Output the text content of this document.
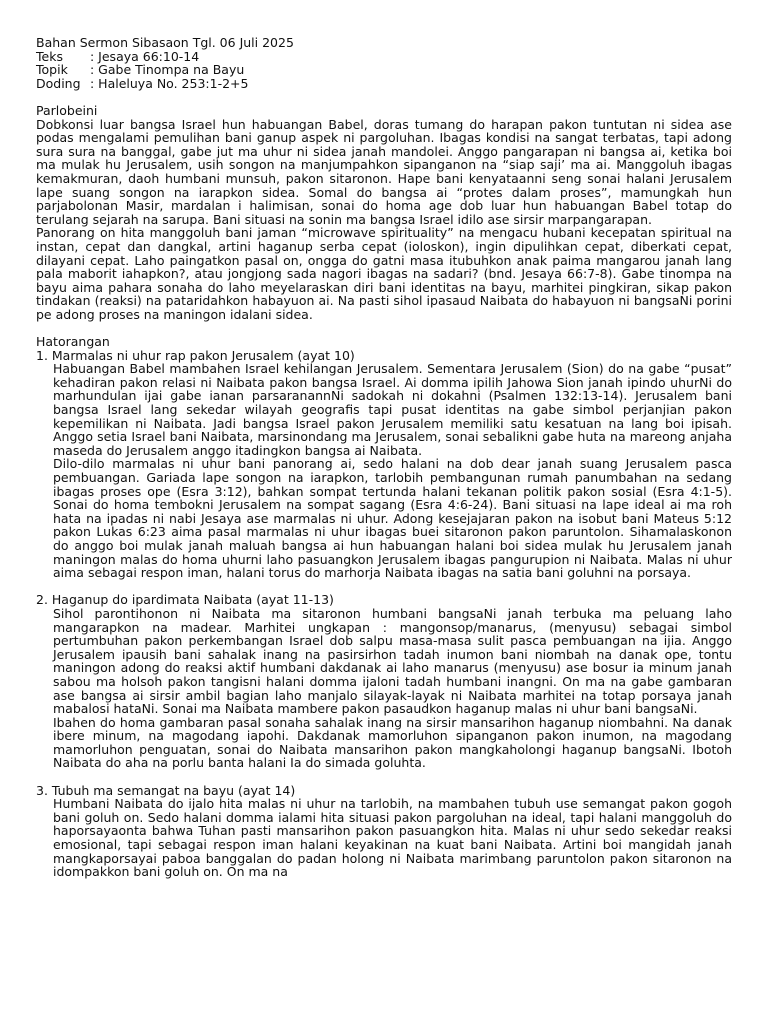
Bahan Sermon Sibasaon Tgl. 06 Juli 2025

Teks	: Jesaya 66:10-14
Topik	: Gabe Tinompa na Bayu
Doding : Haleluya No. 253:1-2+5

Parlobeini

Dobkonsi luar bangsa Israel hun habuangan Babel, doras tumang do harapan pakon tuntutan ni sidea ase podas mengalami pemulihan bani ganup aspek ni pargoluhan. Ibagas kondisi na sangat terbatas, tapi adong sura sura na banggal, gabe jut ma uhur ni sidea janah mandolei. Anggo pangarapan ni bangsa ai, ketika boi ma mulak hu Jerusalem, usih songon na manjumpahkon sipanganon na “siap saji’ ma ai. Manggoluh ibagas kemakmuran, daoh humbani munsuh, pakon sitaronon. Hape bani kenyataanni seng sonai halani Jerusalem lape suang songon na iarapkon sidea. Somal do bangsa ai “protes dalam proses”, mamungkah hun parjabolonan Masir, mardalan i halimisan, sonai do homa age dob luar hun habuangan Babel totap do terulang sejarah na sarupa. Bani situasi na sonin ma bangsa Israel idilo ase sirsir marpangarapan.

Panorang on hita manggoluh bani jaman “microwave spirituality” na mengacu hubani kecepatan spiritual na instan, cepat dan dangkal, artini haganup serba cepat (ioloskon), ingin dipulihkan cepat, diberkati cepat, dilayani cepat. Laho paingatkon pasal on, ongga do gatni masa itubuhkon anak paima mangarou janah lang pala maborit iahapkon?, atau jongjong sada nagori ibagas na sadari? (bnd. Jesaya 66:7-8). Gabe tinompa na bayu aima pahara sonaha do laho meyelaraskan diri bani identitas na bayu, marhitei pingkiran, sikap pakon tindakan (reaksi) na pataridahkon habayuon ai. Na pasti sihol ipasaud Naibata do habayuon ni bangsaNi porini pe adong proses na maningon idalani sidea.

Hatorangan

1. Marmalas ni uhur rap pakon Jerusalem (ayat 10)

Habuangan Babel mambahen Israel kehilangan Jerusalem. Sementara Jerusalem (Sion) do na gabe “pusat” kehadiran pakon relasi ni Naibata pakon bangsa Israel. Ai domma ipilih Jahowa Sion janah ipindo uhurNi do marhundulan ijai gabe ianan parsaranannNi sadokah ni dokahni (Psalmen 132:13-14). Jerusalem bani bangsa Israel lang sekedar wilayah geografis tapi pusat identitas na gabe simbol perjanjian pakon kepemilikan ni Naibata. Jadi bangsa Israel pakon Jerusalem memiliki satu kesatuan na lang boi ipisah. Anggo setia Israel bani Naibata, marsinondang ma Jerusalem, sonai sebalikni gabe huta na mareong anjaha maseda do Jerusalem anggo itadingkon bangsa ai Naibata.

Dilo-dilo marmalas ni uhur bani panorang ai, sedo halani na dob dear janah suang Jerusalem pasca pembuangan. Gariada lape songon na iarapkon, tarlobih pembangunan rumah panumbahan na sedang ibagas proses ope (Esra 3:12), bahkan sompat tertunda halani tekanan politik pakon sosial (Esra 4:1-5). Sonai do homa tembokni Jerusalem na sompat sagang (Esra 4:6-24). Bani situasi na lape ideal ai ma roh hata na ipadas ni nabi Jesaya ase marmalas ni uhur. Adong kesejajaran pakon na isobut bani Mateus 5:12 pakon Lukas 6:23 aima pasal marmalas ni uhur ibagas buei sitaronon pakon paruntolon. Sihamalaskonon do anggo boi mulak janah maluah bangsa ai hun habuangan halani boi sidea mulak hu Jerusalem janah maningon malas do homa uhurni laho pasuangkon Jerusalem ibagas pangurupion ni Naibata. Malas ni uhur aima sebagai respon iman, halani torus do marhorja Naibata ibagas na satia bani goluhni na porsaya.

2. Haganup do ipardimata Naibata (ayat 11-13)

Sihol parontihonon ni Naibata ma sitaronon humbani bangsaNi janah terbuka ma peluang laho mangarapkon na madear. Marhitei ungkapan : mangonsop/manarus, (menyusu) sebagai simbol pertumbuhan pakon perkembangan Israel dob salpu masa-masa sulit pasca pembuangan na ijia. Anggo Jerusalem ipausih bani sahalak inang na pasirsirhon tadah inumon bani niombah na danak ope, tontu maningon adong do reaksi aktif humbani dakdanak ai laho manarus (menyusu) ase bosur ia minum janah sabou ma holsoh pakon tangisni halani domma ijaloni tadah humbani inangni. On ma na gabe gambaran ase bangsa ai sirsir ambil bagian laho manjalo silayak-layak ni Naibata marhitei na totap porsaya janah mabalosi hataNi. Sonai ma Naibata mambere pakon pasaudkon haganup malas ni uhur bani bangsaNi.

Ibahen do homa gambaran pasal sonaha sahalak inang na sirsir mansarihon haganup niombahni. Na danak ibere minum, na magodang iapohi. Dakdanak mamorluhon sipanganon pakon inumon, na magodang mamorluhon penguatan, sonai do Naibata mansarihon pakon mangkaholongi haganup bangsaNi. Ibotoh Naibata do aha na porlu banta halani Ia do simada goluhta.

3. Tubuh ma semangat na bayu (ayat 14)

Humbani Naibata do ijalo hita malas ni uhur na tarlobih, na mambahen tubuh use semangat pakon gogoh bani goluh on. Sedo halani domma ialami hita situasi pakon pargoluhan na ideal, tapi halani manggoluh do haporsayaonta bahwa Tuhan pasti mansarihon pakon pasuangkon hita. Malas ni uhur sedo sekedar reaksi emosional, tapi sebagai respon iman halani keyakinan na kuat bani Naibata. Artini boi mangidah janah mangkaporsayai paboa banggalan do padan holong ni Naibata marimbang paruntolon pakon sitaronon na idompakkon bani goluh on. On ma na
